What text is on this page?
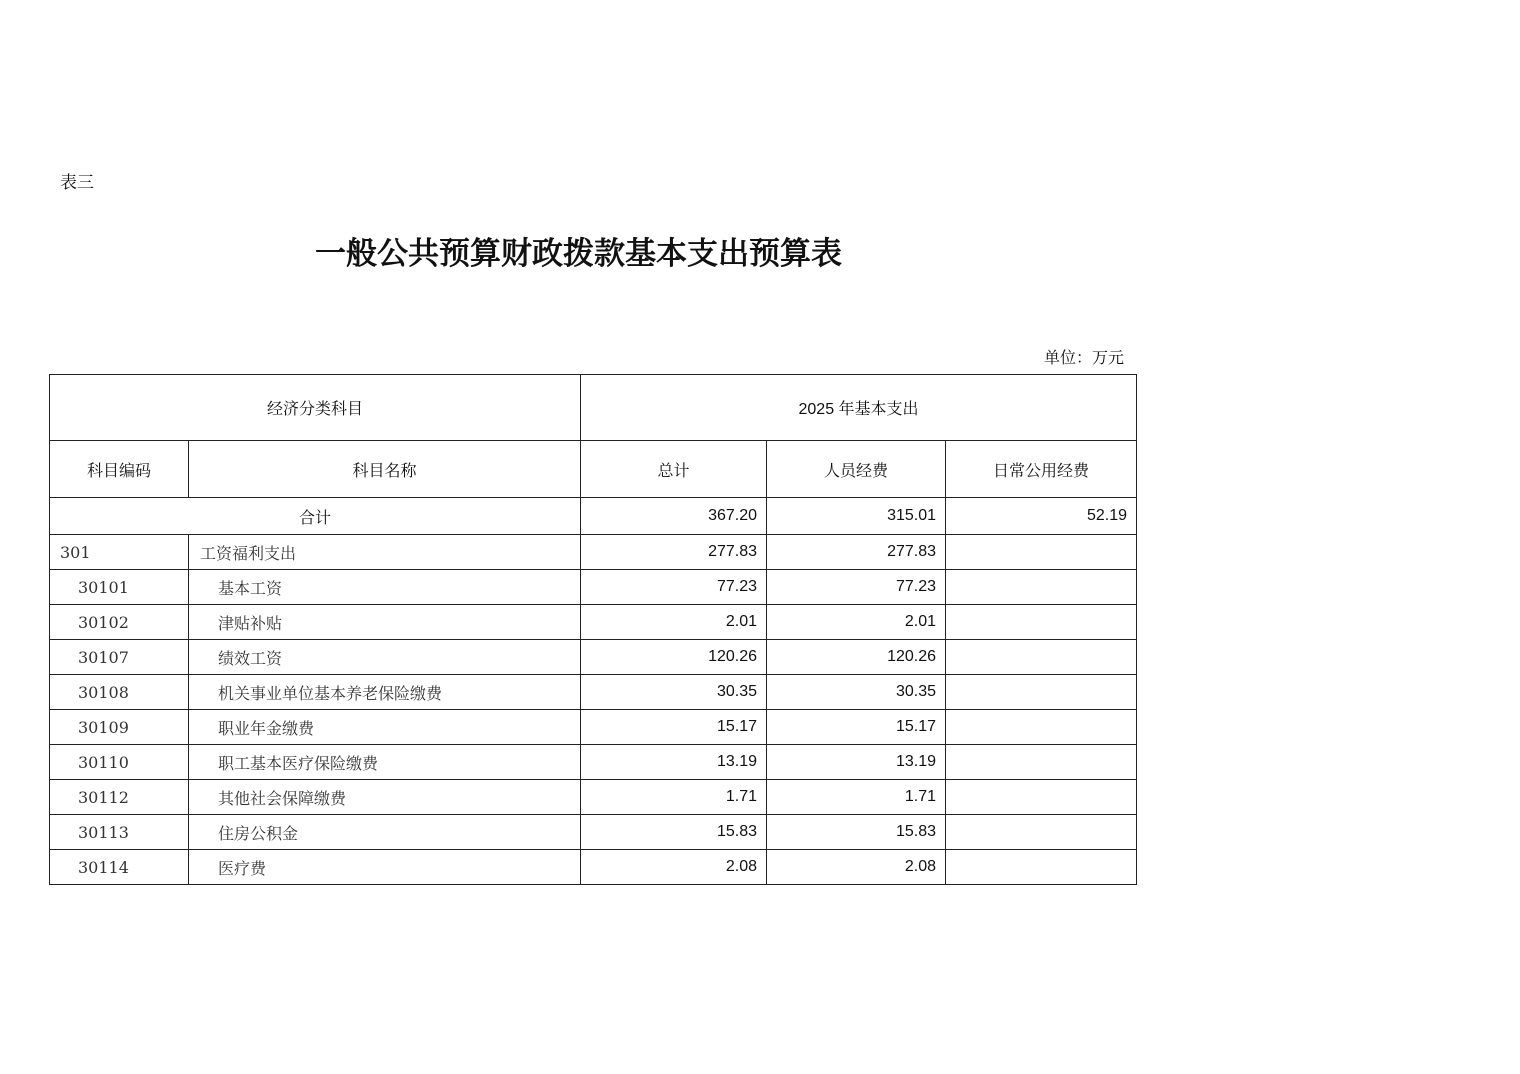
表三
一般公共预算财政拨款基本支出预算表
单位：万元
经济分类科目		2025 年基本支出		
科目编码	科目名称	总计	人员经费	日常公用经费
合计		367.20	315.01	52.19
301	工资福利支出	277.83	277.83	
30101	基本工资	77.23	77.23	
30102	津贴补贴	2.01	2.01	
30107	绩效工资	120.26	120.26	
30108	机关事业单位基本养老保险缴费	30.35	30.35	
30109	职业年金缴费	15.17	15.17	
30110	职工基本医疗保险缴费	13.19	13.19	
30112	其他社会保障缴费	1.71	1.71	
30113	住房公积金	15.83	15.83	
30114	医疗费	2.08	2.08	
